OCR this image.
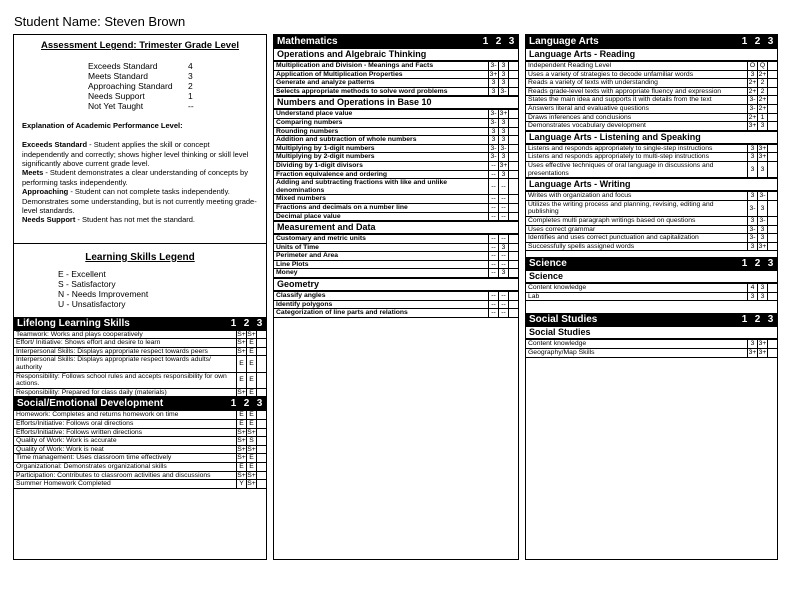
Student Name: Steven Brown
Assessment Legend: Trimester Grade Level
Exceeds Standard	4
Meets Standard	3
Approaching Standard	2
Needs Support	1
Not Yet Taught	--
Explanation of Academic Performance Level:

Exceeds Standard - Student applies the skill or concept independently and correctly; shows higher level thinking or skill level significantly above current grade level.

Meets - Student demonstrates a clear understanding of concepts by performing tasks independently.

Approaching - Student can not complete tasks independently. Demonstrates some understanding, but is not currently meeting grade-level standards.

Needs Support - Student has not met the standard.

Learning Skills Legend
E - Excellent
S - Satisfactory
N - Needs Improvement
U - Unsatisfactory
Lifelong Learning Skills	1 2 3
Teamwork: Works and plays cooperatively	S+	S+	
Effort/ Initiative: Shows effort and desire to learn	S+	E	
Interpersonal Skills: Displays appropriate respect towards peers	S+	E	
Interpersonal Skills: Displays appropriate respect towards adults/ authority	E	E	
Responsibility: Follows school rules and accepts responsibility for own actions.	E	E	
Responsibility: Prepared for class daily (materials)	S+	E	
Social/Emotional Development	1 2 3
Homework: Completes and returns homework on time	E	E	
Efforts/Initiative: Follows oral directions	E	E	
Efforts/Initiative: Follows written directions	S+	S+	
Quality of Work: Work is accurate	S+	S	
Quality of Work: Work is neat	S+	S+	
Time management: Uses classroom time effectively	S+	E	
Organizational: Demonstrates organizational skills	E	E	
Participation: Contributes to classroom activities and discussions	S+	S+	
Summer Homework Completed	Y	S+	
Mathematics	1 2 3
Operations and Algebraic Thinking
Multiplication and Division - Meanings and Facts	3-	3	
Application of Multiplication Properties	3+	3	
Generate and analyze patterns	3	3	
Selects appropriate methods to solve word problems	3	3-	
Numbers and Operations in Base 10
Understand place value	3-	3+	
Comparing numbers	3-	3	
Rounding numbers	3	3	
Addition and subtraction of whole numbers	3	3	
Multiplying by 1-digit numbers	3-	3-	
Multiplying by 2-digit numbers	3-	3	
Dividing by 1-digit divisors	--	3+	
Fraction equivalence and ordering	--	3	
Adding and subtracting fractions with like and unlike denominations	--	--	
Mixed numbers	--	--	
Fractions and decimals on a number line	--	--	
Decimal place value	--	--	
Measurement and Data
Customary and metric units	--	--	
Units of Time	--	3	
Perimeter and Area	--	--	
Line Plots	--	--	
Money	--	3	
Geometry
Classify angles	--	--	
Identify polygons	--	--	
Categorization of line parts and relations	--	--	
Language Arts	1 2 3
Language Arts - Reading
Independent Reading Level	O	Q	
Uses a variety of strategies to decode unfamiliar words	3	2+	
Reads a variety of texts with understanding	2+	2	
Reads grade-level texts with appropriate fluency and expression	2+	2	
States the main idea and supports it with details from the text	3-	2+	
Answers literal and evaluative questions	3-	2+	
Draws inferences and conclusions	2+	1	
Demonstrates vocabulary development	3+	3	
Language Arts - Listening and Speaking
Listens and responds appropriately to single-step instructions	3	3+	
Listens and responds appropriately to multi-step instructions	3	3+	
Uses effective techniques of oral language in discussions and presentations	3	3	
Language Arts - Writing
Writes with organization and focus	3	3-	
Utilizes the writing process and planning, revising, editing and publishing	3-	3	
Completes multi paragraph writings based on questions	3	3-	
Uses correct grammar	3-	3	
Identifies and uses correct punctuation and capitalization	3-	3	
Successfully spells assigned words	3	3+	
Science	1 2 3
Science
Content knowledge	4	3	
Lab	3	3	
Social Studies	1 2 3
Social Studies
Content knowledge	3	3+	
Geography/Map Skills	3+	3+	
